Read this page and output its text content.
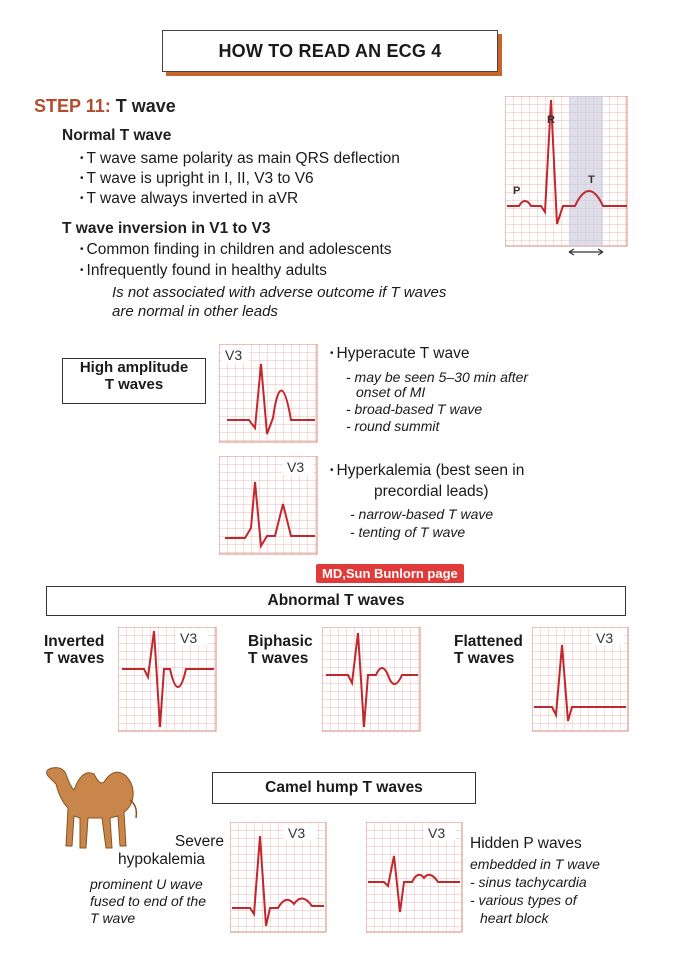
HOW TO READ AN ECG 4
STEP 11: T wave
Normal T wave
• T wave same polarity as main QRS deflection
• T wave is upright in I, II, V3 to V6
• T wave always inverted in aVR
T wave inversion in V1 to V3
• Common finding in children and adolescents
• Infrequently found in healthy adults
Is not associated with adverse outcome if T waves
are normal in other leads
R
P
T
High amplitude
T waves
V3	• Hyperacute T wave
- may be seen 5–30 min after
onset of MI
- broad-based T wave
- round summit
V3	• Hyperkalemia (best seen in
precordial leads)
- narrow-based T wave
- tenting of T wave
MD,Sun Bunlorn page
Abnormal T waves
Inverted
T waves
V3	Biphasic
T waves
Flattened
T waves
V3
Camel hump T waves
Severe
hypokalemia
prominent U wave
fused to end of the
T wave
V3	V3
Hidden P waves
embedded in T wave
- sinus tachycardia
- various types of
heart block
